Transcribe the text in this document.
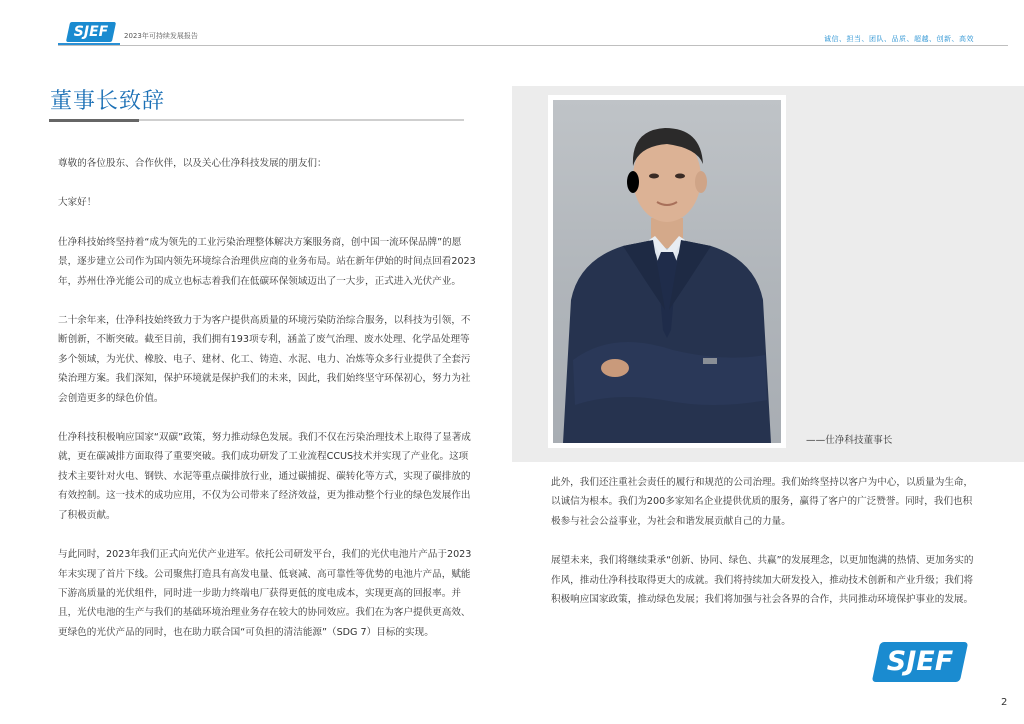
SJEF	2023年可持续发展报告	诚信、担当、团队、品质、超越、创新、高效
董事长致辞

尊敬的各位股东、合作伙伴，以及关心仕净科技发展的朋友们：

大家好！

仕净科技始终坚持着“成为领先的工业污染治理整体解决方案服务商，创中国一流环保品牌”的愿景，逐步建立公司作为国内领先环境综合治理供应商的业务布局。站在新年伊始的时间点回看2023年，苏州仕净光能公司的成立也标志着我们在低碳环保领域迈出了一大步，正式进入光伏产业。

二十余年来，仕净科技始终致力于为客户提供高质量的环境污染防治综合服务，以科技为引领，不断创新，不断突破。截至目前，我们拥有193项专利，涵盖了废气治理、废水处理、化学品处理等多个领域，为光伏、橡胶、电子、建材、化工、铸造、水泥、电力、冶炼等众多行业提供了全套污染治理方案。我们深知，保护环境就是保护我们的未来，因此，我们始终坚守环保初心，努力为社会创造更多的绿色价值。

仕净科技积极响应国家“双碳”政策，努力推动绿色发展。我们不仅在污染治理技术上取得了显著成就，更在碳减排方面取得了重要突破。我们成功研发了工业流程CCUS技术并实现了产业化。这项技术主要针对火电、钢铁、水泥等重点碳排放行业，通过碳捕捉、碳转化等方式，实现了碳排放的有效控制。这一技术的成功应用，不仅为公司带来了经济效益，更为推动整个行业的绿色发展作出了积极贡献。

与此同时，2023年我们正式向光伏产业进军。依托公司研发平台，我们的光伏电池片产品于2023年末实现了首片下线。公司聚焦打造具有高发电量、低衰减、高可靠性等优势的电池片产品，赋能下游高质量的光伏组件，同时进一步助力终端电厂获得更低的度电成本，实现更高的回报率。并且，光伏电池的生产与我们的基础环境治理业务存在较大的协同效应。我们在为客户提供更高效、更绿色的光伏产品的同时，也在助力联合国“可负担的清洁能源”（SDG 7）目标的实现。

——仕净科技董事长

此外，我们还注重社会责任的履行和规范的公司治理。我们始终坚持以客户为中心，以质量为生命，以诚信为根本。我们为200多家知名企业提供优质的服务，赢得了客户的广泛赞誉。同时，我们也积极参与社会公益事业，为社会和谐发展贡献自己的力量。

展望未来，我们将继续秉承“创新、协同、绿色、共赢”的发展理念，以更加饱满的热情、更加务实的作风，推动仕净科技取得更大的成就。我们将持续加大研发投入，推动技术创新和产业升级；我们将积极响应国家政策，推动绿色发展；我们将加强与社会各界的合作，共同推动环境保护事业的发展。

SJEF
2
